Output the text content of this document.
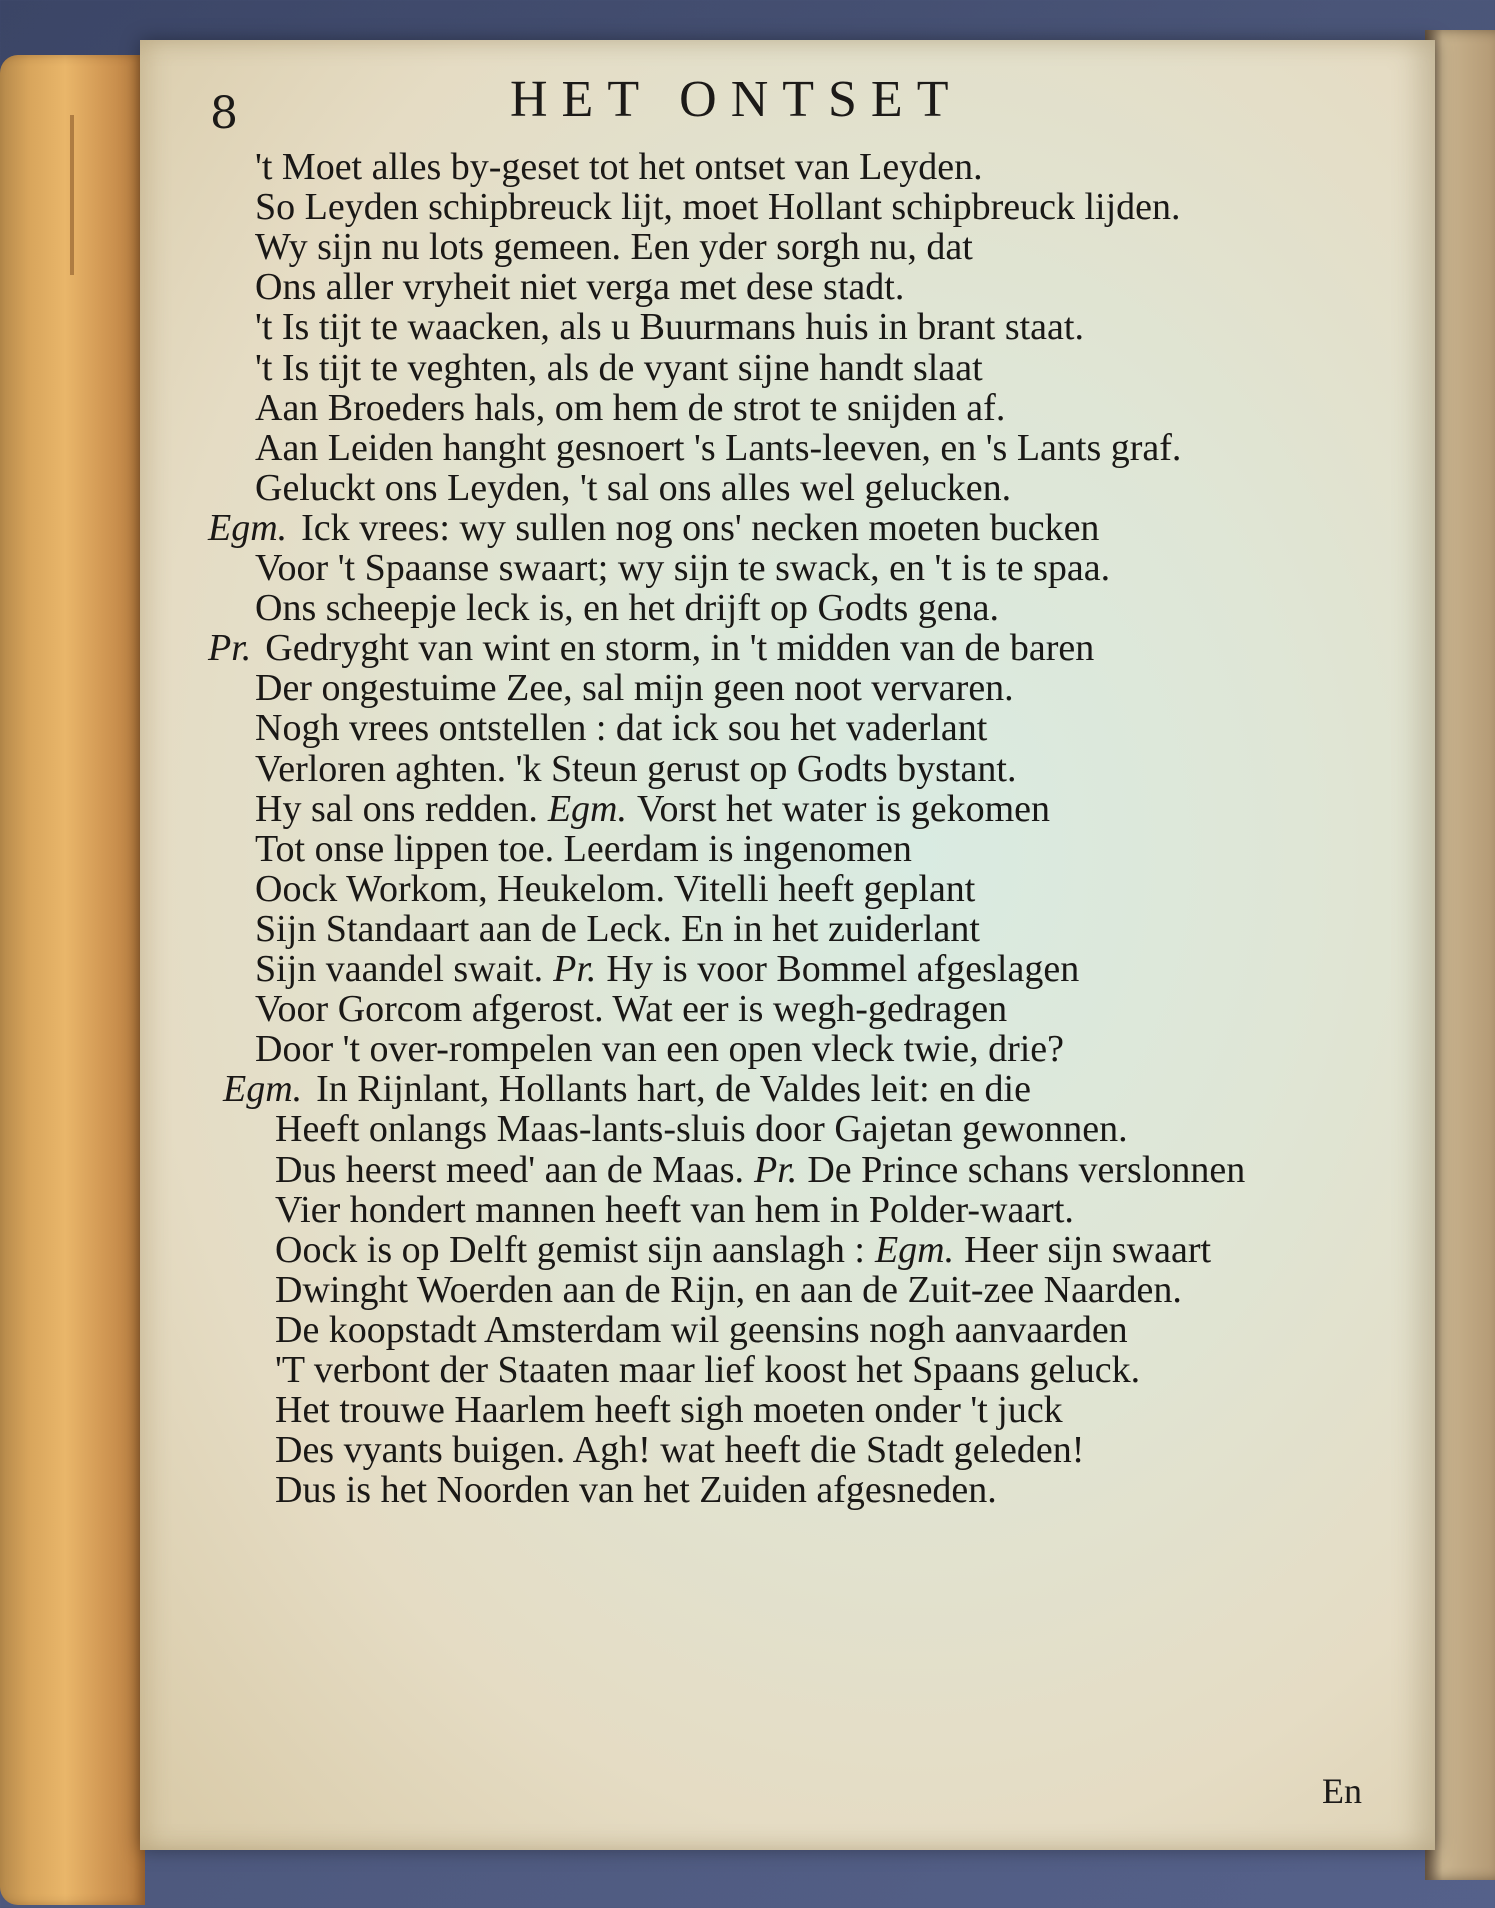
8	HET ONTSET
't Moet alles by-geset tot het ontset van Leyden.
So Leyden schipbreuck lijt, moet Hollant schipbreuck lijden.
Wy sijn nu lots gemeen. Een yder sorgh nu, dat
Ons aller vryheit niet verga met dese stadt.
't Is tijt te waacken, als u Buurmans huis in brant staat.
't Is tijt te veghten, als de vyant sijne handt slaat
Aan Broeders hals, om hem de strot te snijden af.
Aan Leiden hanght gesnoert 's Lants-leeven, en 's Lants graf.
Geluckt ons Leyden, 't sal ons alles wel gelucken.
Egm. Ick vrees: wy sullen nog ons' necken moeten bucken
Voor 't Spaanse swaart; wy sijn te swack, en 't is te spaa.
Ons scheepje leck is, en het drijft op Godts gena.
Pr. Gedryght van wint en storm, in 't midden van de baren
Der ongestuime Zee, sal mijn geen noot vervaren.
Nogh vrees ontstellen : dat ick sou het vaderlant
Verloren aghten. 'k Steun gerust op Godts bystant.
Hy sal ons redden. Egm. Vorst het water is gekomen
Tot onse lippen toe. Leerdam is ingenomen
Oock Workom, Heukelom. Vitelli heeft geplant
Sijn Standaart aan de Leck. En in het zuiderlant
Sijn vaandel swait. Pr. Hy is voor Bommel afgeslagen
Voor Gorcom afgerost. Wat eer is wegh-gedragen
Door 't over-rompelen van een open vleck twie, drie?
Egm. In Rijnlant, Hollants hart, de Valdes leit: en die
Heeft onlangs Maas-lants-sluis door Gajetan gewonnen.
Dus heerst meed' aan de Maas. Pr. De Prince schans verslonnen
Vier hondert mannen heeft van hem in Polder-waart.
Oock is op Delft gemist sijn aanslagh : Egm. Heer sijn swaart
Dwinght Woerden aan de Rijn, en aan de Zuit-zee Naarden.
De koopstadt Amsterdam wil geensins nogh aanvaarden
'T verbont der Staaten maar lief koost het Spaans geluck.
Het trouwe Haarlem heeft sigh moeten onder 't juck
Des vyants buigen. Agh! wat heeft die Stadt geleden!
Dus is het Noorden van het Zuiden afgesneden.
En
